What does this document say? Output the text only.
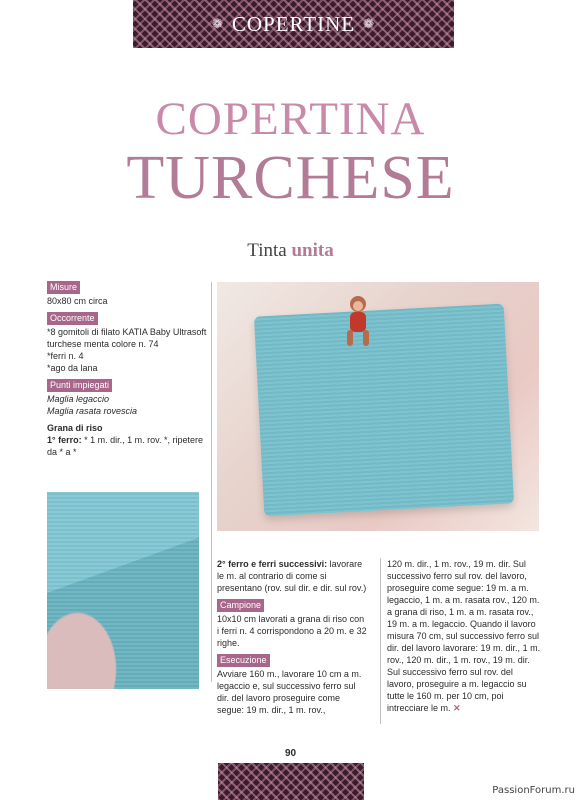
❁ COPERTINE ❁
COPERTINA
TURCHESE
Tinta unita
Misure
80x80 cm circa
Occorrente
*8 gomitoli di filato KATIA Baby Ultrasoft turchese menta colore n. 74
*ferri n. 4
*ago da lana
Punti impiegati
Maglia legaccio
Maglia rasata rovescia
Grana di riso
1° ferro: * 1 m. dir., 1 m. rov. *, ripetere da * a *
2° ferro e ferri successivi: lavorare le m. al contrario di come si presentano (rov. sul dir. e dir. sul rov.)
Campione
10x10 cm lavorati a grana di riso con i ferri n. 4 corrispondono a 20 m. e 32 righe.
Esecuzione
Avviare 160 m., lavorare 10 cm a m. legaccio e, sul successivo ferro sul dir. del lavoro proseguire come segue: 19 m. dir., 1 m. rov.,
120 m. dir., 1 m. rov., 19 m. dir. Sul successivo ferro sul rov. del lavoro, proseguire come segue: 19 m. a m. legaccio, 1 m. a m. rasata rov., 120 m. a grana di riso, 1 m. a m. rasata rov., 19 m. a m. legaccio. Quando il lavoro misura 70 cm, sul successivo ferro sul dir. del lavoro lavorare: 19 m. dir., 1 m. rov., 120 m. dir., 1 m. rov., 19 m. dir. Sul successivo ferro sul rov. del lavoro, proseguire a m. legaccio su tutte le 160 m. per 10 cm, poi intrecciare le m. ✕
90
PassionForum.ru
